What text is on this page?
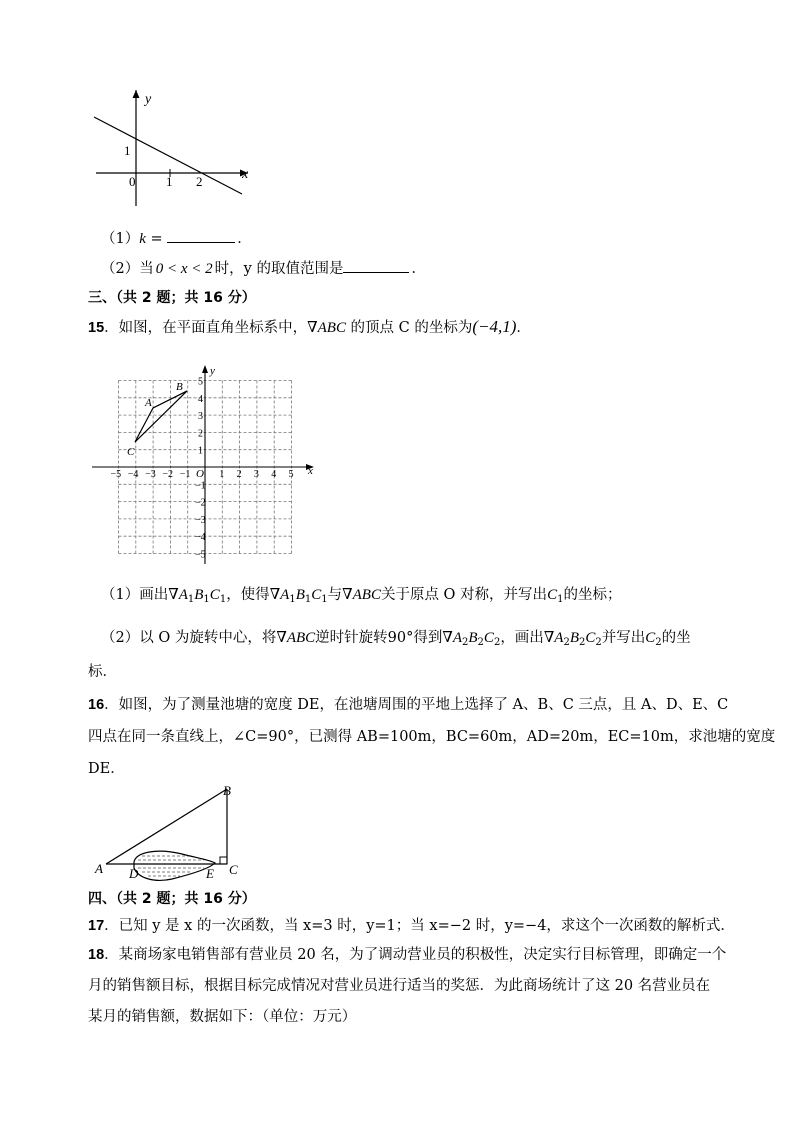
y
x
1
0 1 2
（1）k =	．
（2）当 0 < x < 2 时，y 的取值范围是	．
三、（共 2 题；共 16 分）
15．如图，在平面直角坐标系中，∇ABC 的顶点 C 的坐标为(−4,1)．
x
y
O
−5 −4 −3 −2 −1	1 2 3 4 5
5
4
3
2
1
−1
−2
−3
−4
−5
A
B
C
（1）画出$\nabla A_1B_1C_1$，使得$\nabla A_1B_1C_1$与∇ABC关于原点 O 对称，并写出$C_1$的坐标；
（2）以 O 为旋转中心，将∇ABC逆时针旋转90°得到$\nabla A_2B_2C_2$，画出$\nabla A_2B_2C_2$并写出$C_2$的坐
标．
16．如图，为了测量池塘的宽度 DE，在池塘周围的平地上选择了 A、B、C 三点，且 A、D、E、C
四点在同一条直线上，∠C=90°，已测得 AB=100m，BC=60m，AD=20m，EC=10m，求池塘的宽度
DE．
A
B
C
D	E
四、（共 2 题；共 16 分）
17．已知 y 是 x 的一次函数，当 x=3 时，y=1；当 x=−2 时，y=−4，求这个一次函数的解析式．
18．某商场家电销售部有营业员 20 名，为了调动营业员的积极性，决定实行目标管理，即确定一个
月的销售额目标，根据目标完成情况对营业员进行适当的奖惩．为此商场统计了这 20 名营业员在
某月的销售额，数据如下：（单位：万元）
